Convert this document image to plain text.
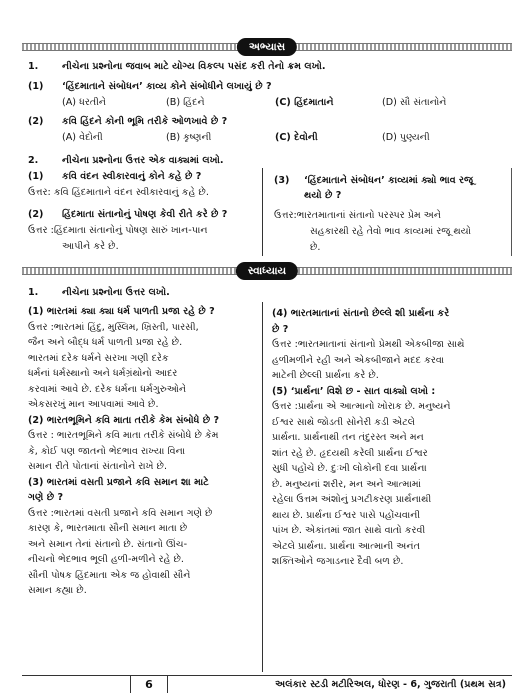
અભ્યાસ
1. નીચેના પ્રશ્નોના જવાબ માટે યોગ્ય વિકલ્પ પસંદ કરી તેનો ક્રમ લખો.
(1) ‘હિંદમાતાને સંબોધન’ કાવ્ય કોને સંબોધીને લખાયું છે ?
(A) ધરતીને	(B) હિંદને	(C) હિંદમાતાને	(D) સૌ સંતાનોને
(2) કવિ હિંદને કોની ભૂમિ તરીકે ઓળખાવે છે ?
(A) વેદોની	(B) કૃષ્ણની	(C) દેવોની	(D) પુણ્યની
2. નીચેના પ્રશ્નોના ઉત્તર એક વાક્યમાં લખો.
(1) કવિ વંદન સ્વીકારવાનું કોને કહે છે ?
ઉત્તર: કવિ હિંદમાતાને વંદન સ્વીકારવાનું કહે છે.
(2) હિંદમાતા સંતાનોનું પોષણ કેવી રીતે કરે છે ?
ઉત્તર :હિંદમાતા સંતાનોનું પોષણ સારું ખાન-પાન
આપીને કરે છે.
(3) ‘હિંદમાતાને સંબોધન’ કાવ્યમાં ક્યો ભાવ રજૂ
થયો છે ?
ઉત્તર:ભારતમાતાનાં સંતાનો પરસ્પર પ્રેમ અને
સહકારથી રહે તેવો ભાવ કાવ્યમાં રજૂ થયો
છે.
સ્વાધ્યાય
1. નીચેના પ્રશ્નોના ઉત્તર લખો.
(1) ભારતમાં ક્યા ક્યા ધર્મ પાળતી પ્રજા રહે છે ?
ઉત્તર :ભારતમાં હિંદુ, મુસ્લિમ, ખ્રિસ્તી, પારસી,
જૈન અને બૌદ્ધ ધર્મ પાળતી પ્રજા રહે છે.
ભારતમાં દરેક ધર્મને સરખા ગણી દરેક
ધર્મનાં ધર્મસ્થાનો અને ધર્મગ્રંથોનો આદર
કરવામાં આવે છે. દરેક ધર્મના ધર્મગુરુઓને
એકસરખું માન આપવામાં આવે છે.
(2) ભારતભૂમિને કવિ માતા તરીકે કેમ સંબોધે છે ?
ઉત્તર : ભારતભૂમિને કવિ માતા તરીકે સંબોધે છે કેમ
કે, કોઈ પણ જાતનો ભેદભાવ રાખ્યા વિના
સમાન રીતે પોતાનાં સંતાનોને રાખે છે.
(3) ભારતમાં વસતી પ્રજાને કવિ સમાન શા માટે
ગણે છે ?
ઉત્તર :ભારતમાં વસતી પ્રજાને કવિ સમાન ગણે છે
કારણ કે, ભારતમાતા સૌની સમાન માતા છે
અને સમાન તેનાં સંતાનો છે. સંતાનો ઊંચ-
નીચનો ભેદભાવ ભૂલી હળી-મળીને રહે છે.
સૌની પોષક હિંદમાતા એક જ હોવાથી સૌને
સમાન કહ્યા છે.
(4) ભારતમાતાનાં સંતાનો છેલ્લે શી પ્રાર્થના કરે
છે ?
ઉત્તર :ભારતમાતાનાં સંતાનો પ્રેમથી એકબીજા સાથે
હળીમળીને રહી અને એકબીજાને મદદ કરવા
માટેની છેલ્લી પ્રાર્થના કરે છે.
(5) ‘પ્રાર્થના’ વિશે છ - સાત વાક્યો લખો :
ઉત્તર :પ્રાર્થના એ આત્માનો ખોરાક છે. મનુષ્યને
ઈશ્વર સાથે જોડતી સોનેરી કડી એટલે
પ્રાર્થના. પ્રાર્થનાથી તન તંદુરસ્ત અને મન
શાંત રહે છે. હૃદયથી કરેલી પ્રાર્થના ઈશ્વર
સુધી પહોંચે છે. દુઃખી લોકોની દવા પ્રાર્થના
છે. મનુષ્યનાં શરીર, મન અને આત્મામાં
રહેલા ઉત્તમ અંશોનું પ્રગટીકરણ પ્રાર્થનાથી
થાય છે. પ્રાર્થના ઈશ્વર પાસે પહોંચવાની
પાંખ છે. એકાંતમાં જાત સાથે વાતો કરવી
એટલે પ્રાર્થના. પ્રાર્થના આત્માની અનંત
શક્તિઓને જગાડનાર દૈવી બળ છે.
6	અલંકાર સ્ટડી મટીરિઅલ, ધોરણ - 6, ગુજરાતી (પ્રથમ સત્ર)
